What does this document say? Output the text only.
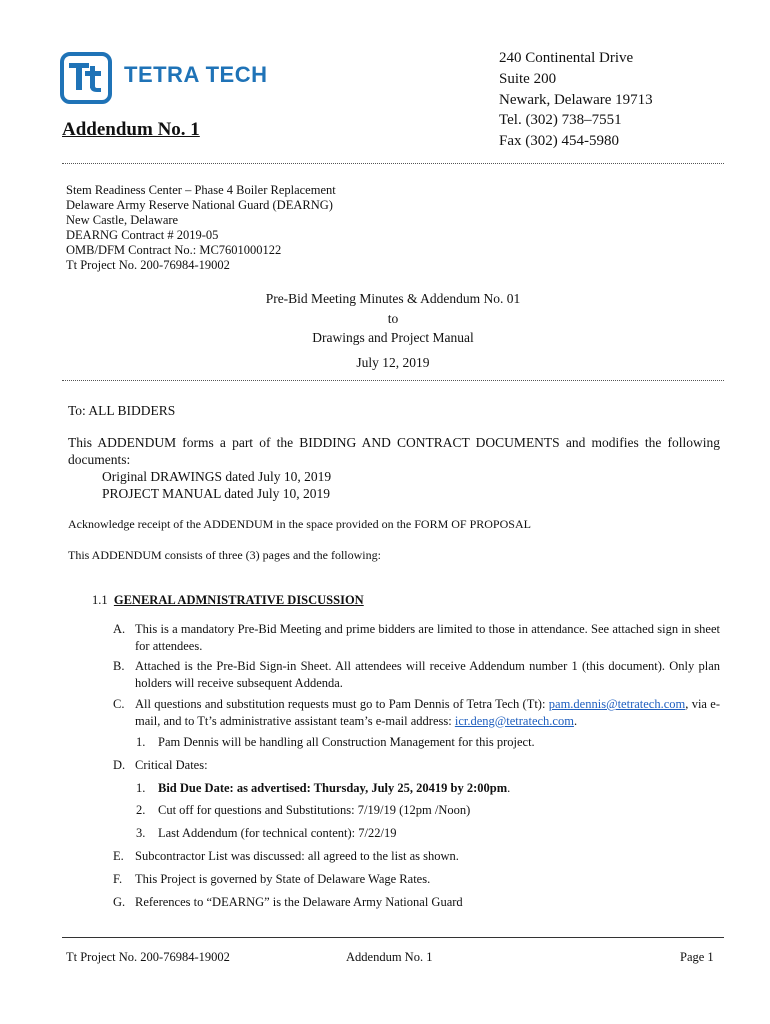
TETRA TECH
Addendum No. 1
240 Continental Drive
Suite 200
Newark, Delaware 19713
Tel. (302) 738–7551
Fax (302) 454-5980
Stem Readiness Center – Phase 4 Boiler Replacement
Delaware Army Reserve National Guard (DEARNG)
New Castle, Delaware
DEARNG Contract # 2019-05
OMB/DFM Contract No.: MC7601000122
Tt Project No. 200-76984-19002
Pre-Bid Meeting Minutes & Addendum No. 01
to
Drawings and Project Manual
July 12, 2019
To: ALL BIDDERS
This ADDENDUM forms a part of the BIDDING AND CONTRACT DOCUMENTS and modifies the following documents:
Original DRAWINGS dated July 10, 2019
PROJECT MANUAL dated July 10, 2019
Acknowledge receipt of the ADDENDUM in the space provided on the FORM OF PROPOSAL
This ADDENDUM consists of three (3) pages and the following:
1.1 GENERAL ADMNISTRATIVE DISCUSSION
A. This is a mandatory Pre-Bid Meeting and prime bidders are limited to those in attendance. See attached sign in sheet for attendees.
B. Attached is the Pre-Bid Sign-in Sheet. All attendees will receive Addendum number 1 (this document). Only plan holders will receive subsequent Addenda.
C. All questions and substitution requests must go to Pam Dennis of Tetra Tech (Tt): pam.dennis@tetratech.com, via e-mail, and to Tt’s administrative assistant team’s e-mail address: icr.deng@tetratech.com.
1. Pam Dennis will be handling all Construction Management for this project.
D. Critical Dates:
1. Bid Due Date: as advertised: Thursday, July 25, 20419 by 2:00pm.
2. Cut off for questions and Substitutions: 7/19/19 (12pm /Noon)
3. Last Addendum (for technical content): 7/22/19
E. Subcontractor List was discussed: all agreed to the list as shown.
F. This Project is governed by State of Delaware Wage Rates.
G. References to “DEARNG” is the Delaware Army National Guard
Tt Project No. 200-76984-19002	Addendum No. 1	Page 1
